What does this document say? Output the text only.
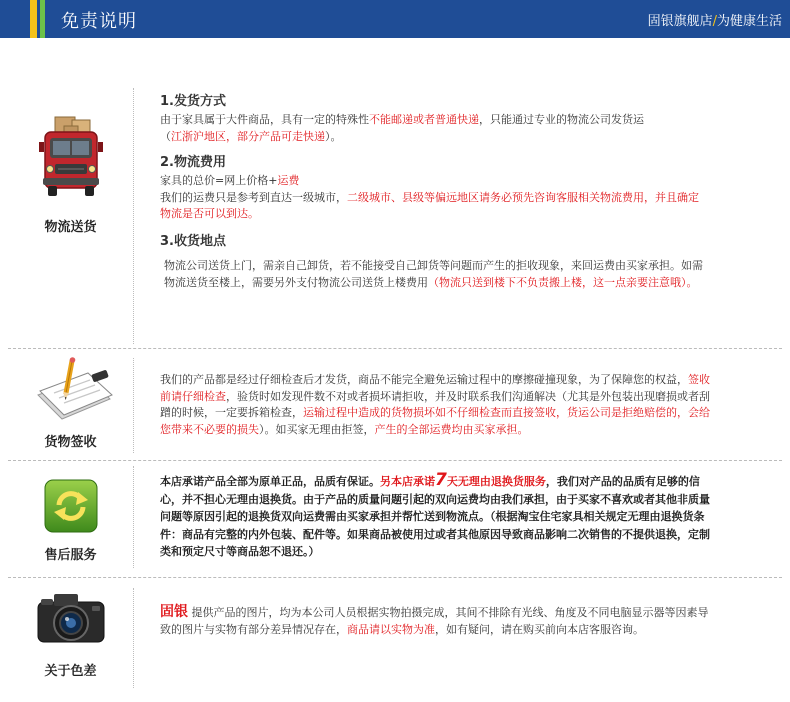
免责说明	固银旗舰店/为健康生活
物流送货
1.发货方式
由于家具属于大件商品，具有一定的特殊性不能邮递或者普通快递，只能通过专业的物流公司发货运
（江浙沪地区，部分产品可走快递）。
2.物流费用
家具的总价=网上价格+运费
我们的运费只是参考到直达一级城市，二级城市、县级等偏远地区请务必预先咨询客服相关物流费用，并且确定物流是否可以到达。
3.收货地点
物流公司送货上门，需亲自己卸货，若不能接受自己卸货等问题而产生的拒收现象，来回运费由买家承担。如需物流送货至楼上，需要另外支付物流公司送货上楼费用（物流只送到楼下不负责搬上楼，这一点亲要注意哦）。
货物签收
我们的产品都是经过仔细检查后才发货，商品不能完全避免运输过程中的摩擦碰撞现象，为了保障您的权益，签收前请仔细检查，验货时如发现件数不对或者损坏请拒收，并及时联系我们沟通解决（尤其是外包装出现磨损或者刮蹭的时候，一定要拆箱检查，运输过程中造成的货物损坏如不仔细检查而直接签收，货运公司是拒绝赔偿的，会给您带来不必要的损失）。如买家无理由拒签，产生的全部运费均由买家承担。
售后服务
本店承诺产品全部为原单正品，品质有保证。另本店承诺7天无理由退换货服务，我们对产品的品质有足够的信心，并不担心无理由退换货。由于产品的质量问题引起的双向运费均由我们承担，由于买家不喜欢或者其他非质量问题等原因引起的退换货双向运费需由买家承担并帮忙送到物流点。（根据淘宝住宅家具相关规定无理由退换货条件：商品有完整的内外包装、配件等。如果商品被使用过或者其他原因导致商品影响二次销售的不提供退换，定制类和预定尺寸等商品恕不退还。）
关于色差
固银 提供产品的图片，均为本公司人员根据实物拍摄完成，其间不排除有光线、角度及不同电脑显示器等因素导致的图片与实物有部分差异情况存在，商品请以实物为准，如有疑问，请在购买前向本店客服咨询。
